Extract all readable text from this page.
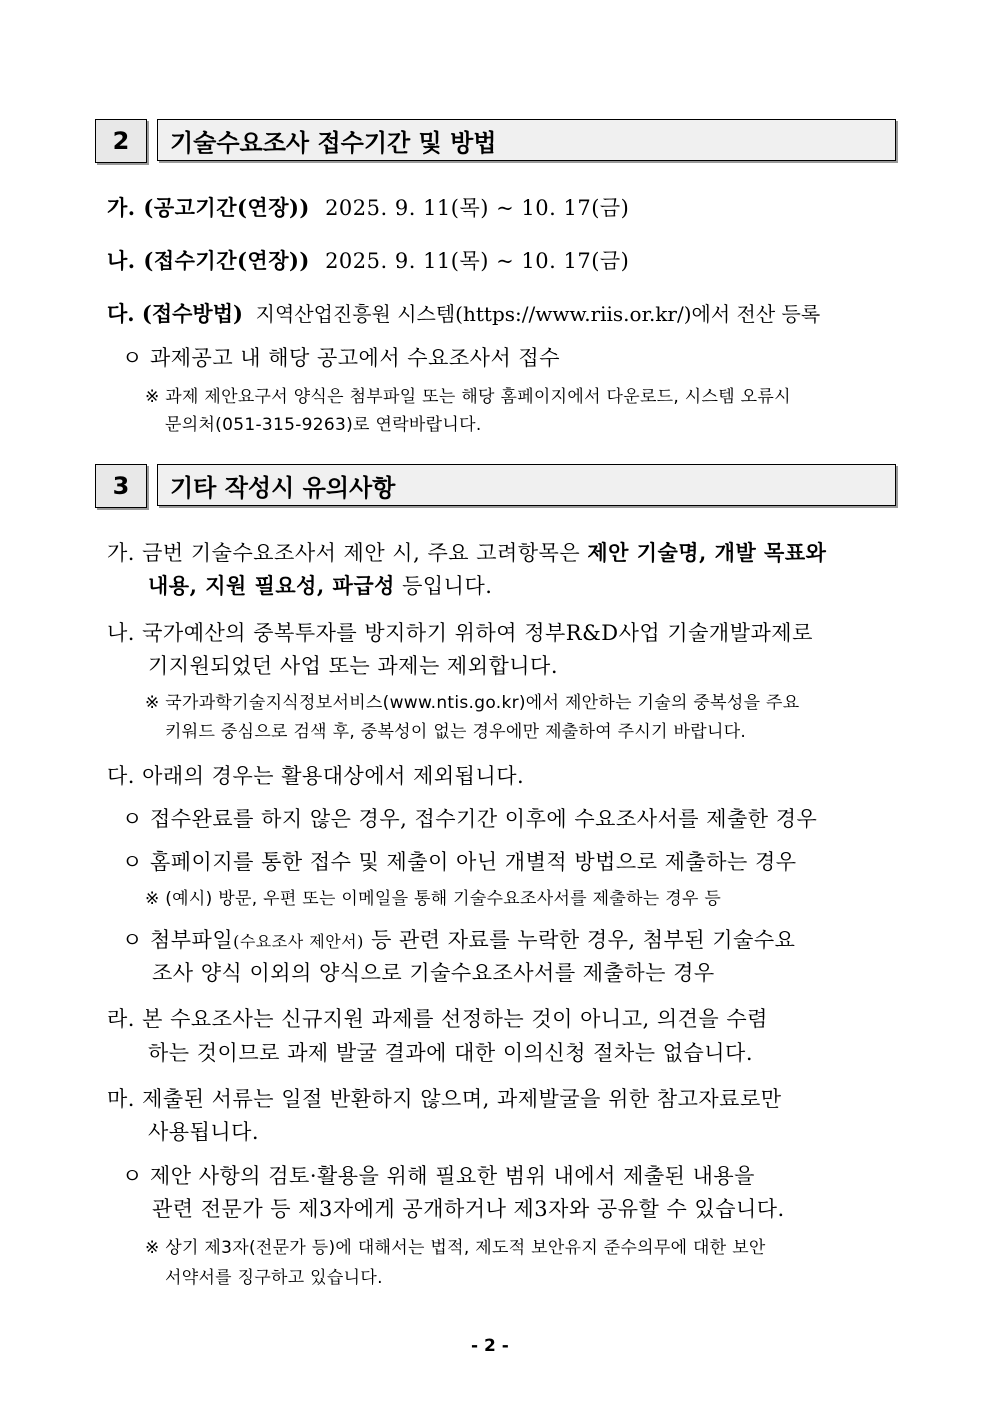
2	기술수요조사 접수기간 및 방법
가. (공고기간(연장)) 2025. 9. 11(목) ~ 10. 17(금)
나. (접수기간(연장)) 2025. 9. 11(목) ~ 10. 17(금)
다. (접수방법) 지역산업진흥원 시스템(https://www.riis.or.kr/)에서 전산 등록
ㅇ 과제공고 내 해당 공고에서 수요조사서 접수
※ 과제 제안요구서 양식은 첨부파일 또는 해당 홈페이지에서 다운로드, 시스템 오류시
문의처(051-315-9263)로 연락바랍니다.
3	기타 작성시 유의사항
가. 금번 기술수요조사서 제안 시, 주요 고려항목은 제안 기술명, 개발 목표와
내용, 지원 필요성, 파급성 등입니다.
나. 국가예산의 중복투자를 방지하기 위하여 정부R&D사업 기술개발과제로
기지원되었던 사업 또는 과제는 제외합니다.
※ 국가과학기술지식정보서비스(www.ntis.go.kr)에서 제안하는 기술의 중복성을 주요
키워드 중심으로 검색 후, 중복성이 없는 경우에만 제출하여 주시기 바랍니다.
다. 아래의 경우는 활용대상에서 제외됩니다.
ㅇ 접수완료를 하지 않은 경우, 접수기간 이후에 수요조사서를 제출한 경우
ㅇ 홈페이지를 통한 접수 및 제출이 아닌 개별적 방법으로 제출하는 경우
※ (예시) 방문, 우편 또는 이메일을 통해 기술수요조사서를 제출하는 경우 등
ㅇ 첨부파일(수요조사 제안서) 등 관련 자료를 누락한 경우, 첨부된 기술수요
조사 양식 이외의 양식으로 기술수요조사서를 제출하는 경우
라. 본 수요조사는 신규지원 과제를 선정하는 것이 아니고, 의견을 수렴
하는 것이므로 과제 발굴 결과에 대한 이의신청 절차는 없습니다.
마. 제출된 서류는 일절 반환하지 않으며, 과제발굴을 위한 참고자료로만
사용됩니다.
ㅇ 제안 사항의 검토·활용을 위해 필요한 범위 내에서 제출된 내용을
관련 전문가 등 제3자에게 공개하거나 제3자와 공유할 수 있습니다.
※ 상기 제3자(전문가 등)에 대해서는 법적, 제도적 보안유지 준수의무에 대한 보안
서약서를 징구하고 있습니다.
- 2 -
